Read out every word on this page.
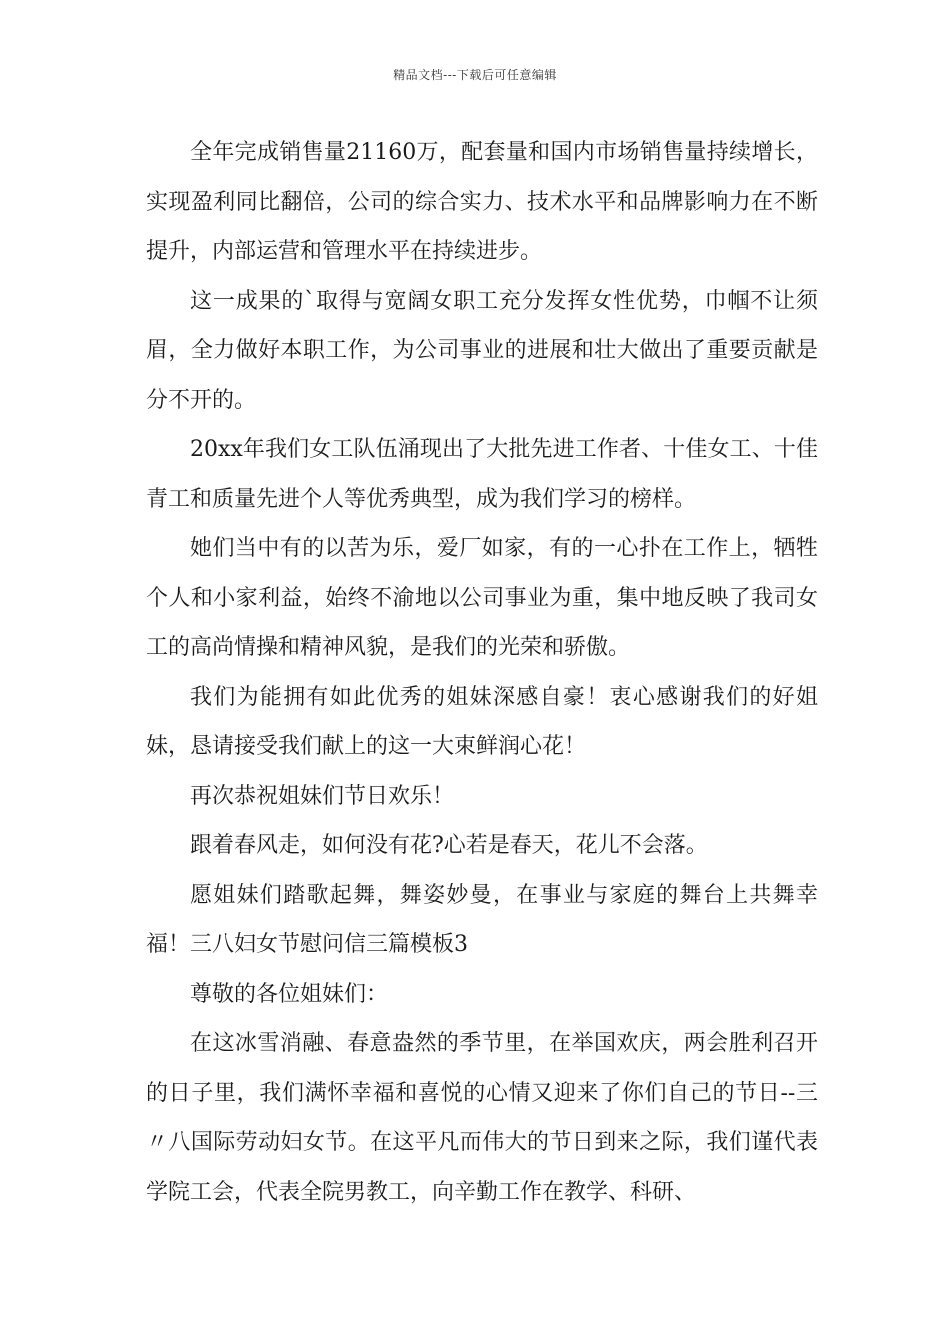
精品文档---下载后可任意编辑

全年完成销售量21160万，配套量和国内市场销售量持续增长，实现盈利同比翻倍，公司的综合实力、技术水平和品牌影响力在不断提升，内部运营和管理水平在持续进步。

这一成果的`取得与宽阔女职工充分发挥女性优势，巾帼不让须眉，全力做好本职工作，为公司事业的进展和壮大做出了重要贡献是分不开的。

20xx年我们女工队伍涌现出了大批先进工作者、十佳女工、十佳青工和质量先进个人等优秀典型，成为我们学习的榜样。

她们当中有的以苦为乐，爱厂如家，有的一心扑在工作上，牺牲个人和小家利益，始终不渝地以公司事业为重，集中地反映了我司女工的高尚情操和精神风貌，是我们的光荣和骄傲。

我们为能拥有如此优秀的姐妹深感自豪！衷心感谢我们的好姐妹，恳请接受我们献上的这一大束鲜润心花！

再次恭祝姐妹们节日欢乐！

跟着春风走，如何没有花?心若是春天，花儿不会落。

愿姐妹们踏歌起舞，舞姿妙曼，在事业与家庭的舞台上共舞幸福！三八妇女节慰问信三篇模板3

尊敬的各位姐妹们：

在这冰雪消融、春意盎然的季节里，在举国欢庆，两会胜利召开的日子里，我们满怀幸福和喜悦的心情又迎来了你们自己的节日--三〃八国际劳动妇女节。在这平凡而伟大的节日到来之际，我们谨代表学院工会，代表全院男教工，向辛勤工作在教学、科研、
